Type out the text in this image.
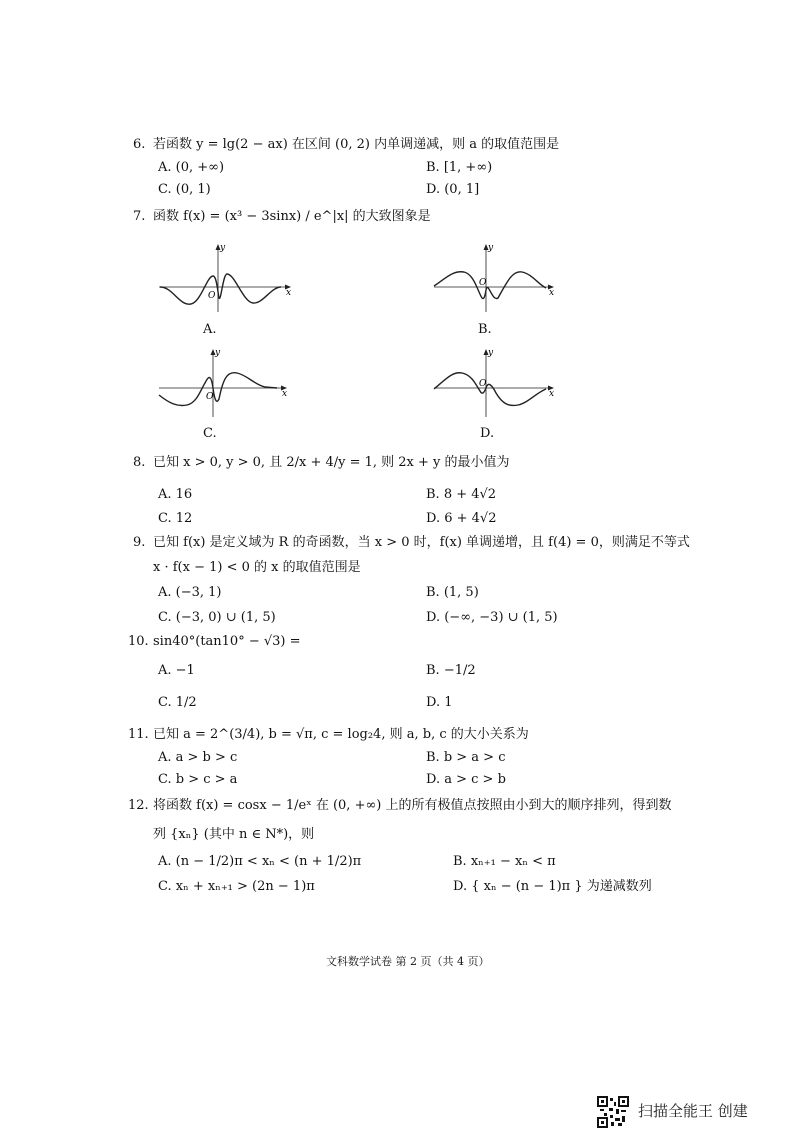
6. 若函数 y = lg(2 − ax) 在区间 (0, 2) 内单调递减，则 a 的取值范围是
A. (0, +∞)	B. [1, +∞)
C. (0, 1)	D. (0, 1]
7. 函数 f(x) = (x³ − 3sinx) / e^|x| 的大致图象是
y
x
O
A.
y
x
O
B.
y
x
O
C.
y
x
O
D.
8. 已知 x > 0, y > 0, 且 2/x + 4/y = 1, 则 2x + y 的最小值为
A. 16	B. 8 + 4√2
C. 12	D. 6 + 4√2
9. 已知 f(x) 是定义域为 R 的奇函数，当 x > 0 时，f(x) 单调递增，且 f(4) = 0，则满足不等式
x · f(x − 1) < 0 的 x 的取值范围是
A. (−3, 1)	B. (1, 5)
C. (−3, 0) ∪ (1, 5)	D. (−∞, −3) ∪ (1, 5)
10. sin40°(tan10° − √3) =
A. −1	B. −1/2
C. 1/2	D. 1
11. 已知 a = 2^(3/4), b = √π, c = log₂4, 则 a, b, c 的大小关系为
A. a > b > c	B. b > a > c
C. b > c > a	D. a > c > b
12. 将函数 f(x) = cosx − 1/eˣ 在 (0, +∞) 上的所有极值点按照由小到大的顺序排列，得到数
列 {xₙ} (其中 n ∈ N*)，则
A. (n − 1/2)π < xₙ < (n + 1/2)π	B. xₙ₊₁ − xₙ < π
C. xₙ + xₙ₊₁ > (2n − 1)π	D. { xₙ − (n − 1)π } 为递减数列
文科数学试卷 第 2 页（共 4 页）
扫描全能王 创建
